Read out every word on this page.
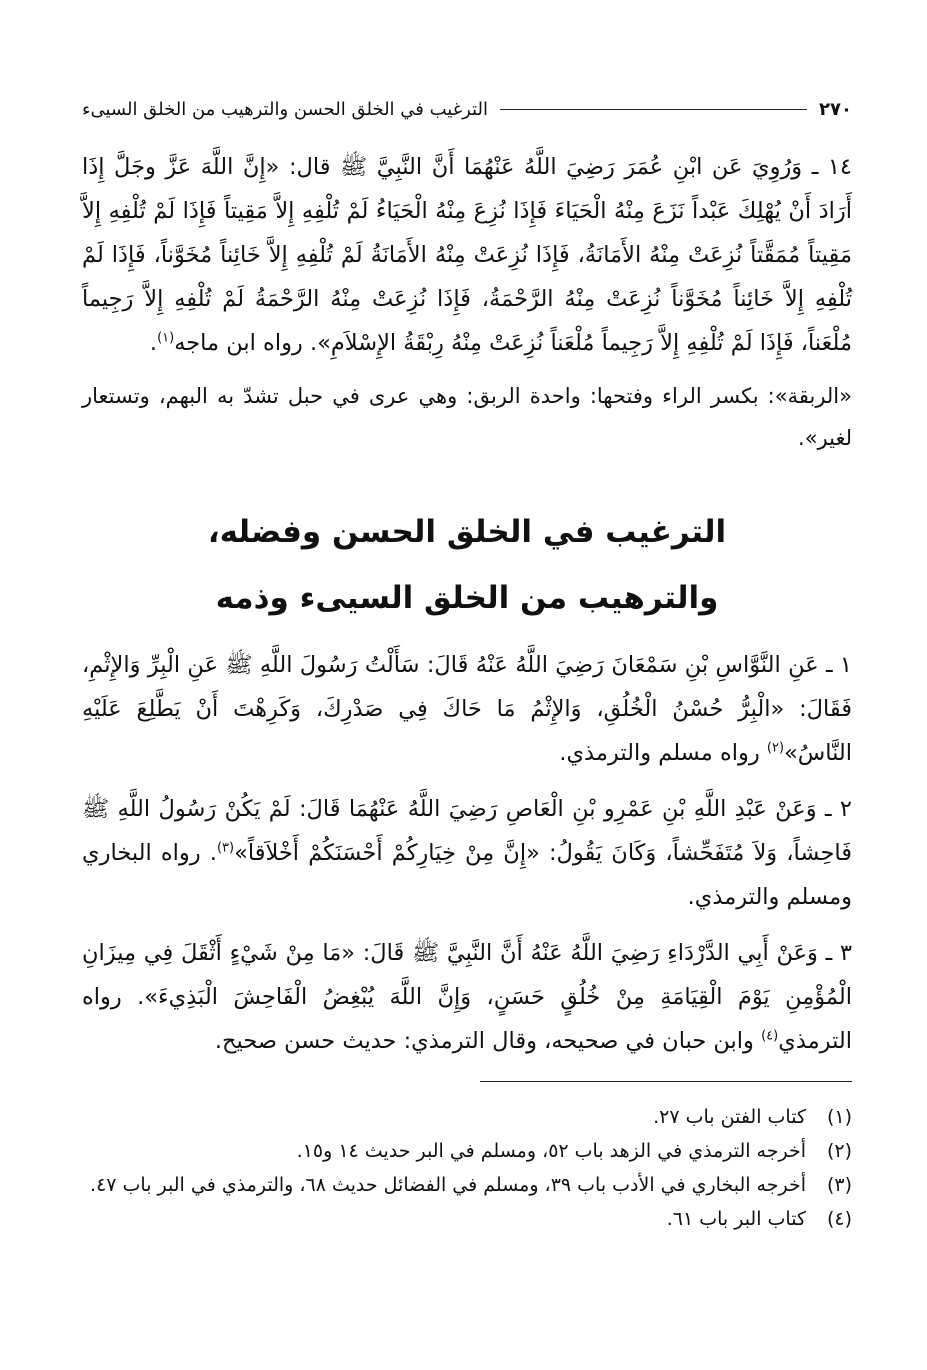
٢٧٠
الترغيب في الخلق الحسن والترهيب من الخلق السيىء

١٤ ـ وَرُوِيَ عَن ابْنِ عُمَرَ رَضِيَ اللَّهُ عَنْهُمَا أَنَّ النَّبِيَّ ﷺ قال: «إِنَّ اللَّهَ عَزَّ وجَلَّ إِذَا أَرَادَ أَنْ يُهْلِكَ عَبْداً نَزَعَ مِنْهُ الْحَيَاءَ فَإِذَا نُزِعَ مِنْهُ الْحَيَاءُ لَمْ تُلْفِهِ إِلاَّ مَقِيتاً فَإِذَا لَمْ تُلْفِهِ إِلاَّ مَقِيتاً مُمَقَّتاً نُزِعَتْ مِنْهُ الأَمَانَةُ، فَإِذَا نُزِعَتْ مِنْهُ الأَمَانَةُ لَمْ تُلْفِهِ إِلاَّ خَائِناً مُخَوَّناً، فَإِذَا لَمْ تُلْفِهِ إِلاَّ خَائِناً مُخَوَّناً نُزِعَتْ مِنْهُ الرَّحْمَةُ، فَإِذَا نُزِعَتْ مِنْهُ الرَّحْمَةُ لَمْ تُلْفِهِ إِلاَّ رَجِيماً مُلْعَناً، فَإِذَا لَمْ تُلْفِهِ إِلاَّ رَجِيماً مُلْعَناً نُزِعَتْ مِنْهُ رِبْقَةُ الإِسْلاَمِ». رواه ابن ماجه$^{(١)}$.

«الربقة»: بكسر الراء وفتحها: واحدة الربق: وهي عرى في حبل تشدّ به البهم، وتستعار لغير».

الترغيب في الخلق الحسن وفضله،

والترهيب من الخلق السيىء وذمه

١ ـ عَنِ النَّوَّاسِ بْنِ سَمْعَانَ رَضِيَ اللَّهُ عَنْهُ قَالَ: سَأَلْتُ رَسُولَ اللَّهِ ﷺ عَنِ الْبِرِّ وَالإِثْمِ، فَقَالَ: «الْبِرُّ حُسْنُ الْخُلُقِ، وَالإِثْمُ مَا حَاكَ فِي صَدْرِكَ، وَكَرِهْتَ أَنْ يَطَّلِعَ عَلَيْهِ النَّاسُ»$^{(٢)}$ رواه مسلم والترمذي.

٢ ـ وَعَنْ عَبْدِ اللَّهِ بْنِ عَمْرِو بْنِ الْعَاصِ رَضِيَ اللَّهُ عَنْهُمَا قَالَ: لَمْ يَكُنْ رَسُولُ اللَّهِ ﷺ فَاحِشاً، وَلاَ مُتَفَحِّشاً، وَكَانَ يَقُولُ: «إِنَّ مِنْ خِيَارِكُمْ أَحْسَنَكُمْ أَخْلاَقاً»$^{(٣)}$. رواه البخاري ومسلم والترمذي.

٣ ـ وَعَنْ أَبِي الدَّرْدَاءِ رَضِيَ اللَّهُ عَنْهُ أَنَّ النَّبِيَّ ﷺ قَالَ: «مَا مِنْ شَيْءٍ أَثْقَلَ فِي مِيزَانِ الْمُؤْمِنِ يَوْمَ الْقِيَامَةِ مِنْ خُلُقٍ حَسَنٍ، وَإِنَّ اللَّهَ يُبْغِضُ الْفَاحِشَ الْبَذِيءَ». رواه الترمذي$^{(٤)}$ وابن حبان في صحيحه، وقال الترمذي: حديث حسن صحيح.

(١)
كتاب الفتن باب ٢٧.
(٢)
أخرجه الترمذي في الزهد باب ٥٢، ومسلم في البر حديث ١٤ و١٥.
(٣)
أخرجه البخاري في الأدب باب ٣٩، ومسلم في الفضائل حديث ٦٨، والترمذي في البر باب ٤٧.
(٤)
كتاب البر باب ٦١.
